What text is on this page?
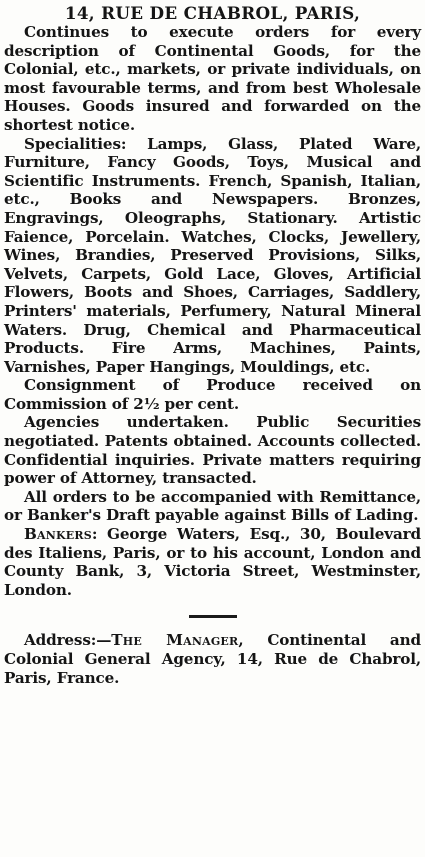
14, RUE DE CHABROL, PARIS,

Continues to execute orders for every description of Continental Goods, for the Colonial, etc., markets, or private individuals, on most favourable terms, and from best Wholesale Houses. Goods insured and forwarded on the shortest notice.

Specialities: Lamps, Glass, Plated Ware, Furniture, Fancy Goods, Toys, Musical and Scientific Instruments. French, Spanish, Italian, etc., Books and Newspapers. Bronzes, Engravings, Oleographs, Stationary. Artistic Faience, Porcelain. Watches, Clocks, Jewellery, Wines, Brandies, Preserved Provisions, Silks, Velvets, Carpets, Gold Lace, Gloves, Artificial Flowers, Boots and Shoes, Carriages, Saddlery, Printers' materials, Perfumery, Natural Mineral Waters. Drug, Chemical and Pharmaceutical Products. Fire Arms, Machines, Paints, Varnishes, Paper Hangings, Mouldings, etc.

Consignment of Produce received on Commission of 2½ per cent.

Agencies undertaken. Public Securities negotiated. Patents obtained. Accounts collected. Confidential inquiries. Private matters requiring power of Attorney, transacted.

All orders to be accompanied with Remittance, or Banker's Draft payable against Bills of Lading.

Bankers: George Waters, Esq., 30, Boulevard des Italiens, Paris, or to his account, London and County Bank, 3, Victoria Street, Westminster, London.

Address:—The Manager, Continental and Colonial General Agency, 14, Rue de Chabrol, Paris, France.
